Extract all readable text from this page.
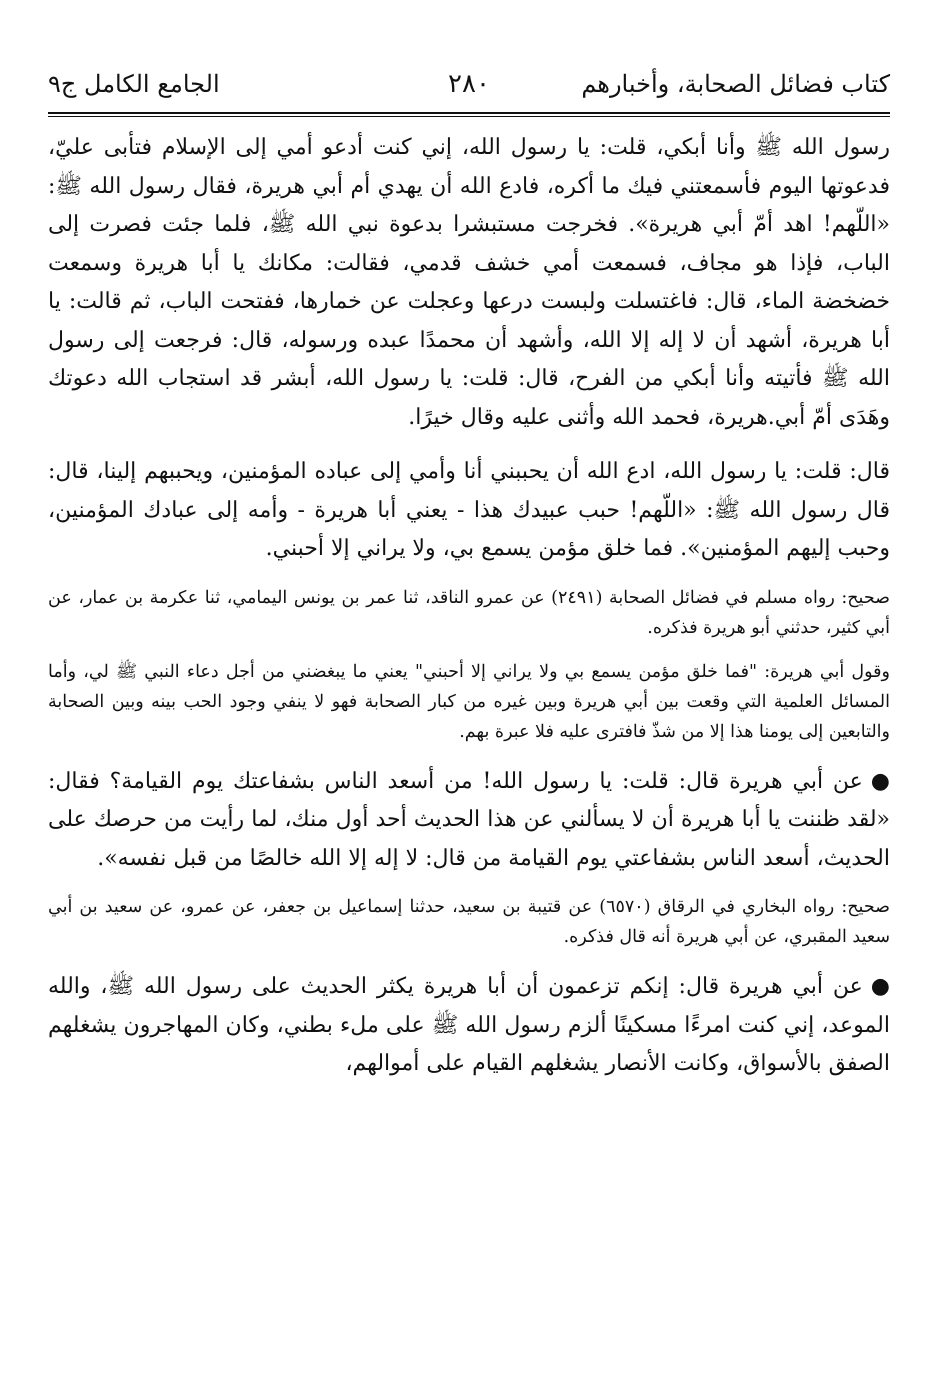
كتاب فضائل الصحابة، وأخبارهم
٢٨٠
الجامع الكامل ج٩

رسول الله ﷺ وأنا أبكي، قلت: يا رسول الله، إني كنت أدعو أمي إلى الإسلام فتأبى عليّ، فدعوتها اليوم فأسمعتني فيك ما أكره، فادع الله أن يهدي أم أبي هريرة، فقال رسول الله ﷺ: «اللّهم! اهد أمّ أبي هريرة». فخرجت مستبشرا بدعوة نبي الله ﷺ، فلما جئت فصرت إلى الباب، فإذا هو مجاف، فسمعت أمي خشف قدمي، فقالت: مكانك يا أبا هريرة وسمعت خضخضة الماء، قال: فاغتسلت ولبست درعها وعجلت عن خمارها، ففتحت الباب، ثم قالت: يا أبا هريرة، أشهد أن لا إله إلا الله، وأشهد أن محمدًا عبده ورسوله، قال: فرجعت إلى رسول الله ﷺ فأتيته وأنا أبكي من الفرح، قال: قلت: يا رسول الله، أبشر قد استجاب الله دعوتك وهَدَى أمّ أبي.هريرة، فحمد الله وأثنى عليه وقال خيرًا.

قال: قلت: يا رسول الله، ادع الله أن يحببني أنا وأمي إلى عباده المؤمنين، ويحببهم إلينا، قال: قال رسول الله ﷺ: «اللّهم! حبب عبيدك هذا - يعني أبا هريرة - وأمه إلى عبادك المؤمنين، وحبب إليهم المؤمنين». فما خلق مؤمن يسمع بي، ولا يراني إلا أحبني.

صحيح: رواه مسلم في فضائل الصحابة (٢٤٩١) عن عمرو الناقد، ثنا عمر بن يونس اليمامي، ثنا عكرمة بن عمار، عن أبي كثير، حدثني أبو هريرة فذكره.

وقول أبي هريرة: "فما خلق مؤمن يسمع بي ولا يراني إلا أحبني" يعني ما يبغضني من أجل دعاء النبي ﷺ لي، وأما المسائل العلمية التي وقعت بين أبي هريرة وبين غيره من كبار الصحابة فهو لا ينفي وجود الحب بينه وبين الصحابة والتابعين إلى يومنا هذا إلا من شذّ فافترى عليه فلا عبرة بهم.

●عن أبي هريرة قال: قلت: يا رسول الله! من أسعد الناس بشفاعتك يوم القيامة؟ فقال: «لقد ظننت يا أبا هريرة أن لا يسألني عن هذا الحديث أحد أول منك، لما رأيت من حرصك على الحديث، أسعد الناس بشفاعتي يوم القيامة من قال: لا إله إلا الله خالصًا من قبل نفسه».

صحيح: رواه البخاري في الرقاق (٦٥٧٠) عن قتيبة بن سعيد، حدثنا إسماعيل بن جعفر، عن عمرو، عن سعيد بن أبي سعيد المقبري، عن أبي هريرة أنه قال فذكره.

●عن أبي هريرة قال: إنكم تزعمون أن أبا هريرة يكثر الحديث على رسول الله ﷺ، والله الموعد، إني كنت امرءًا مسكينًا ألزم رسول الله ﷺ على ملء بطني، وكان المهاجرون يشغلهم الصفق بالأسواق، وكانت الأنصار يشغلهم القيام على أموالهم،
